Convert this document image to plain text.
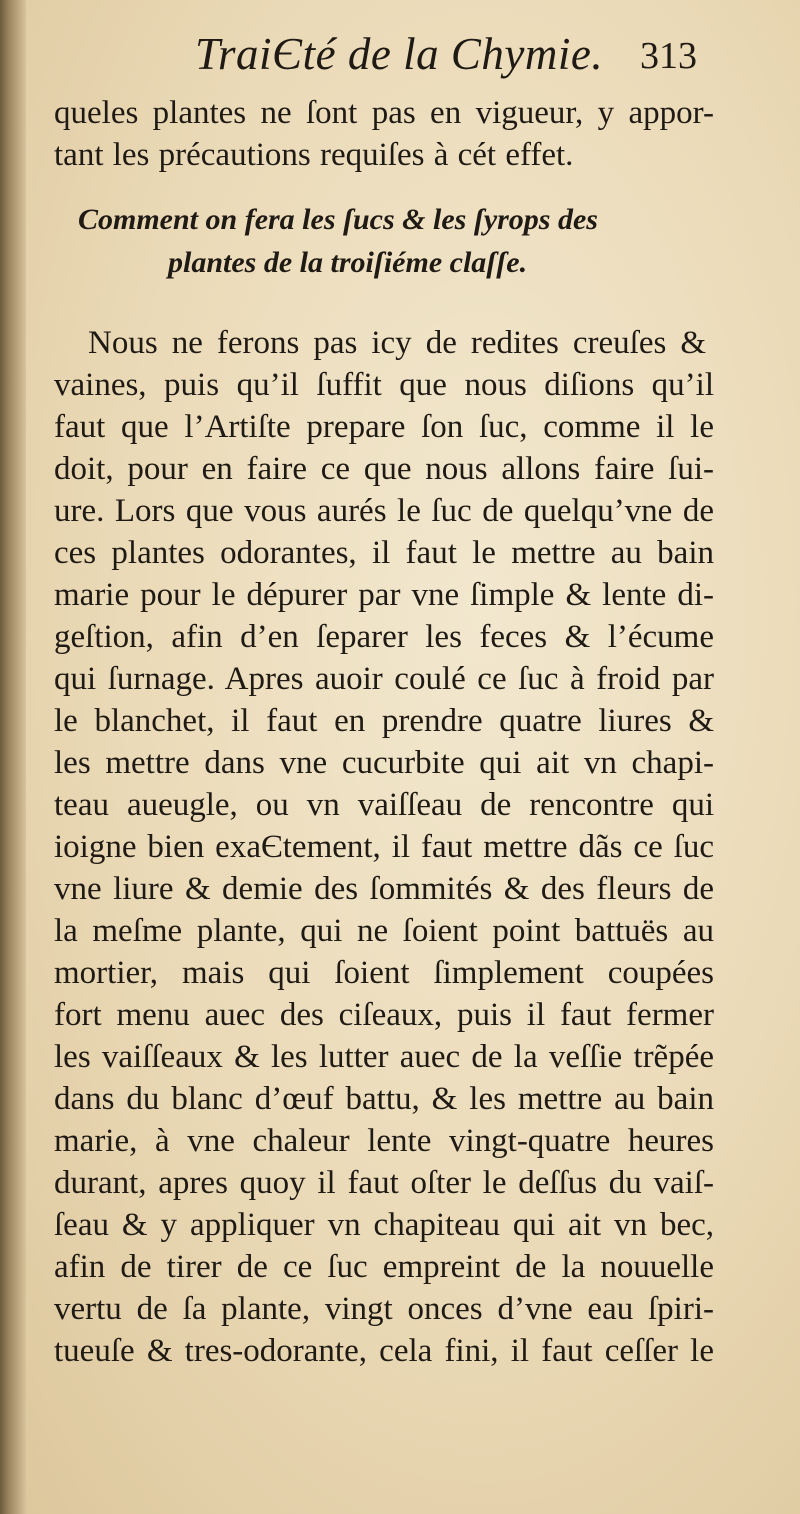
TraiЄté de la Chymie. 313
queles plantes ne ſont pas en vigueur, y appor-
tant les précautions requiſes à cét effet.
Comment on fera les ſucs & les ſyrops des
plantes de la troiſiéme claſſe.
Nous ne ferons pas icy de redites creuſes &
vaines, puis qu’il ſuffit que nous diſions qu’il
faut que l’Artiſte prepare ſon ſuc, comme il le
doit, pour en faire ce que nous allons faire ſui-
ure. Lors que vous aurés le ſuc de quelqu’vne de
ces plantes odorantes, il faut le mettre au bain
marie pour le dépurer par vne ſimple & lente di-
geſtion, afin d’en ſeparer les feces & l’écume
qui ſurnage. Apres auoir coulé ce ſuc à froid par
le blanchet, il faut en prendre quatre liures &
les mettre dans vne cucurbite qui ait vn chapi-
teau aueugle, ou vn vaiſſeau de rencontre qui
ioigne bien exaЄtement, il faut mettre dãs ce ſuc
vne liure & demie des ſommités & des fleurs de
la meſme plante, qui ne ſoient point battuës au
mortier, mais qui ſoient ſimplement coupées
fort menu auec des ciſeaux, puis il faut fermer
les vaiſſeaux & les lutter auec de la veſſie trẽpée
dans du blanc d’œuf battu, & les mettre au bain
marie, à vne chaleur lente vingt-quatre heures
durant, apres quoy il faut oſter le deſſus du vaiſ-
ſeau & y appliquer vn chapiteau qui ait vn bec,
afin de tirer de ce ſuc empreint de la nouuelle
vertu de ſa plante, vingt onces d’vne eau ſpiri-
tueuſe & tres-odorante, cela fini, il faut ceſſer le
